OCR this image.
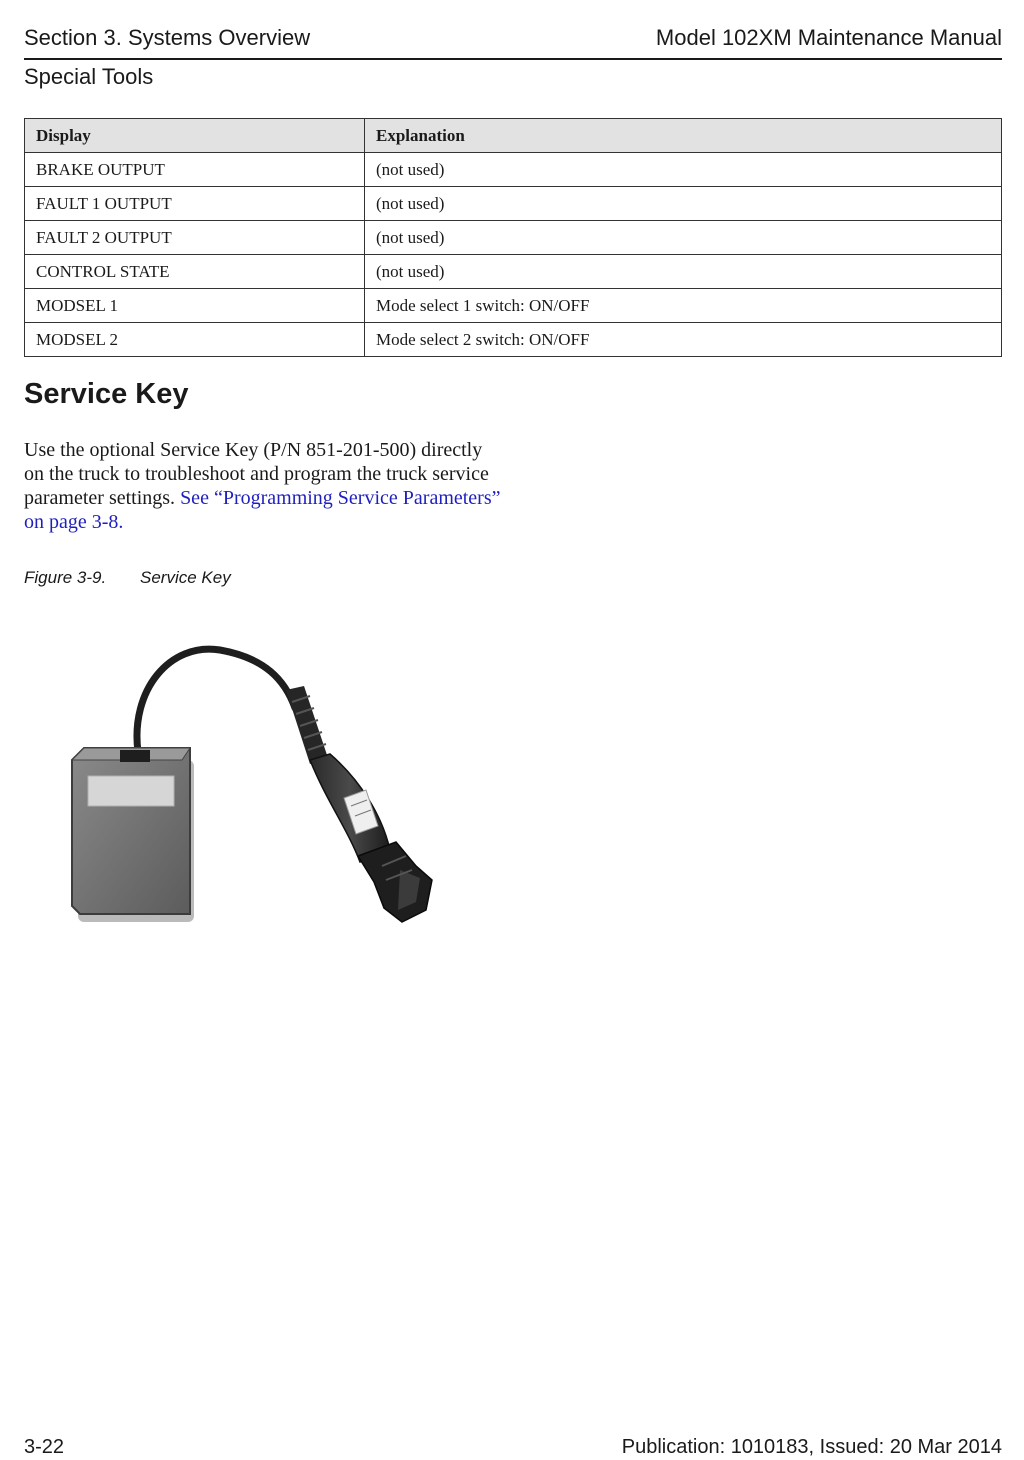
Section 3. Systems Overview	Model 102XM Maintenance Manual
Special Tools
Display	Explanation
BRAKE OUTPUT	(not used)
FAULT 1 OUTPUT	(not used)
FAULT 2 OUTPUT	(not used)
CONTROL STATE	(not used)
MODSEL 1	Mode select 1 switch: ON/OFF
MODSEL 2	Mode select 2 switch: ON/OFF
Service Key
Use the optional Service Key (P/N 851-201-500) directly on the truck to troubleshoot and program the truck service parameter settings. See “Programming Service Parameters” on page 3-8.
Figure 3-9. Service Key
3-22	Publication: 1010183, Issued: 20 Mar 2014
